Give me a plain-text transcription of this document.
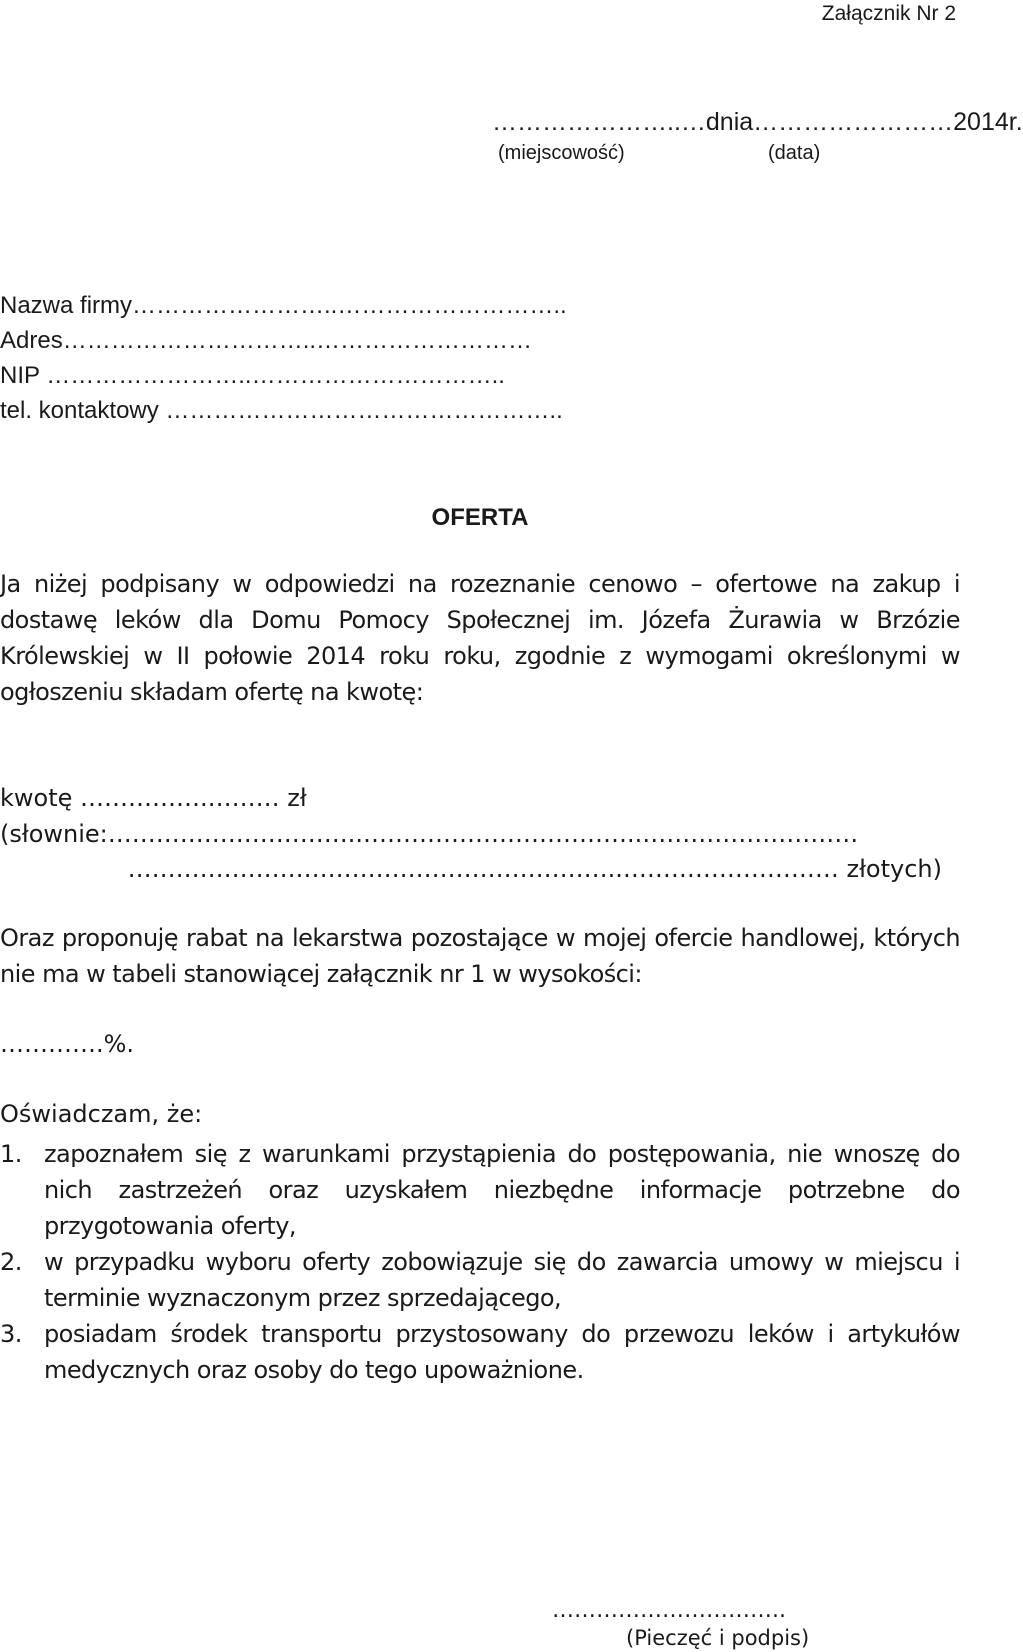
Załącznik Nr 2
…………………..…dnia……………………2014r.
(miejscowość)	(data)
Nazwa firmy……………………..………………………..
Adres…………………………..………………………
NIP ……………………..…………………………..
tel. kontaktowy …………………………………………..
OFERTA
Ja niżej podpisany w odpowiedzi na rozeznanie cenowo – ofertowe na zakup i dostawę leków dla Domu Pomocy Społecznej im. Józefa Żurawia w Brzózie Królewskiej w II połowie 2014 roku roku, zgodnie z wymogami określonymi w ogłoszeniu składam ofertę na kwotę:
kwotę …………….……… zł
(słownie:…………………………..……………………………..………………………
……………………………………………………..……………………… złotych)
Oraz proponuję rabat na lekarstwa pozostające w mojej ofercie handlowej, których nie ma w tabeli stanowiącej załącznik nr 1 w wysokości:
………….%.
Oświadczam, że:
1. zapoznałem się z warunkami przystąpienia do postępowania, nie wnoszę do nich zastrzeżeń oraz uzyskałem niezbędne informacje potrzebne do przygotowania oferty,
2. w przypadku wyboru oferty zobowiązuje się do zawarcia umowy w miejscu i terminie wyznaczonym przez sprzedającego,
3. posiadam środek transportu przystosowany do przewozu leków i artykułów medycznych oraz osoby do tego upoważnione.
…………………………..
(Pieczęć i podpis)
